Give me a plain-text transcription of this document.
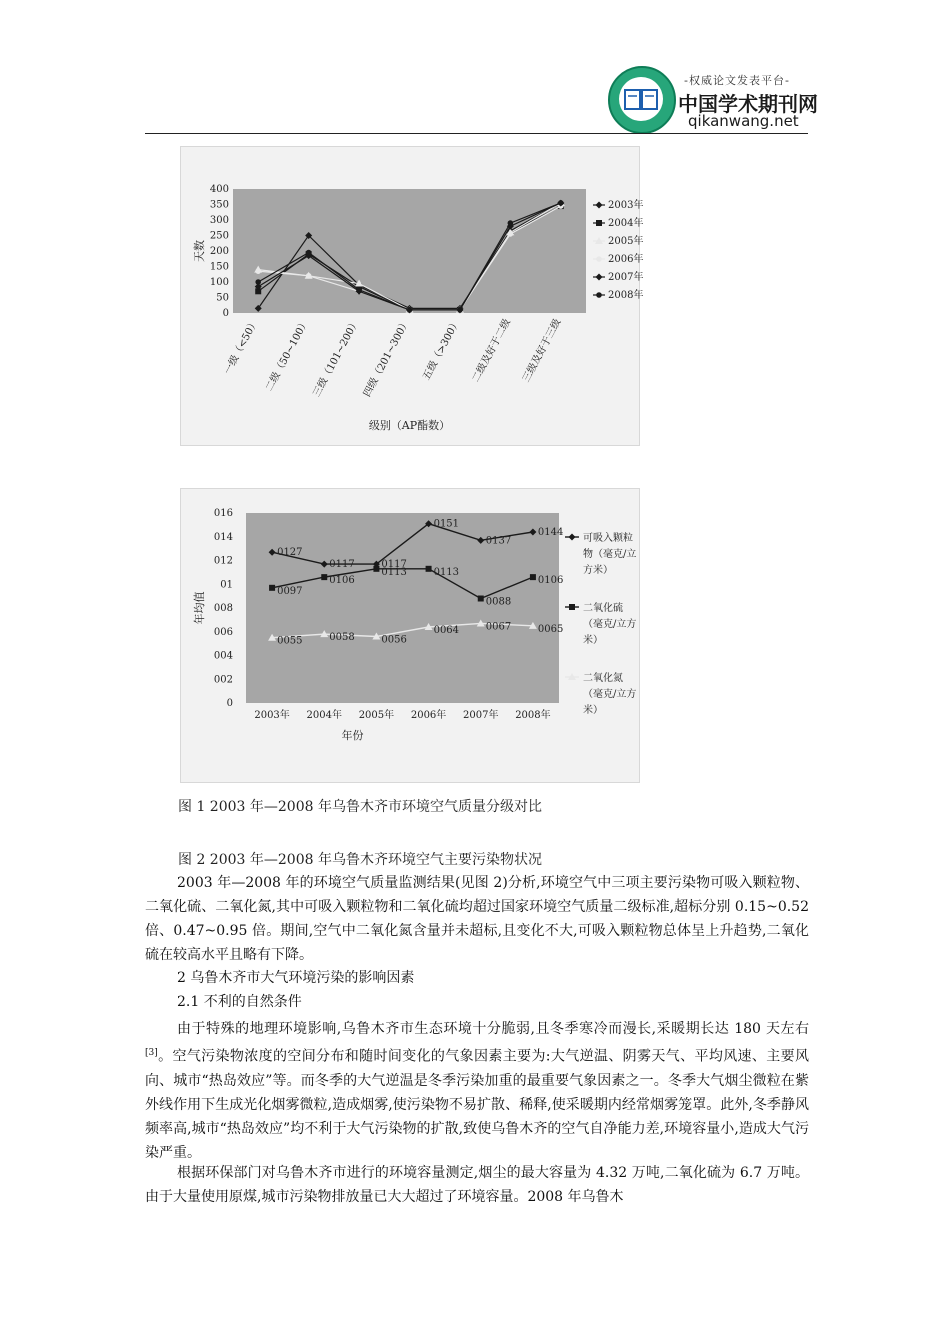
-权威论文发表平台-
中国学术期刊网
qikanwang.net
0
50
100
150
200
250
300
350
400
天数
一级（<50） 二级（50~100） 三级（101~200） 四级（201~300） 五级（>300） 二级及好于二级 三级及好于三级
级别（AP酯数）
2003年
2004年
2005年
2006年
2007年
2008年
0
002
004
006
008
01
012
014
016
年均值
2003年 2004年 2005年 2006年 2007年 2008年
年份
0127
0117	0117
0151
0137
0144
可吸入颗粒
物（毫克/立
方米）
0097
0106
0113	0113
0088
0106
二氧化硫
（毫克/立方
米）
0055	0058	0056
0064	0067	0065
二氧化氮
（毫克/立方
米）
图 1 2003 年—2008 年乌鲁木齐市环境空气质量分级对比
图 2 2003 年—2008 年乌鲁木齐环境空气主要污染物状况

2003 年—2008 年的环境空气质量监测结果(见图 2)分析,环境空气中三项主要污染物可吸入颗粒物、二氧化硫、二氧化氮,其中可吸入颗粒物和二氧化硫均超过国家环境空气质量二级标准,超标分别 0.15~0.52 倍、0.47~0.95 倍。期间,空气中二氧化氮含量并未超标,且变化不大,可吸入颗粒物总体呈上升趋势,二氧化硫在较高水平且略有下降。

2 乌鲁木齐市大气环境污染的影响因素
2.1 不利的自然条件

由于特殊的地理环境影响,乌鲁木齐市生态环境十分脆弱,且冬季寒冷而漫长,采暖期长达 180 天左右[3]。空气污染物浓度的空间分布和随时间变化的气象因素主要为:大气逆温、阴雾天气、平均风速、主要风向、城市“热岛效应”等。而冬季的大气逆温是冬季污染加重的最重要气象因素之一。冬季大气烟尘微粒在紫外线作用下生成光化烟雾微粒,造成烟雾,使污染物不易扩散、稀释,使采暖期内经常烟雾笼罩。此外,冬季静风频率高,城市“热岛效应”均不利于大气污染物的扩散,致使乌鲁木齐的空气自净能力差,环境容量小,造成大气污染严重。

根据环保部门对乌鲁木齐市进行的环境容量测定,烟尘的最大容量为 4.32 万吨,二氧化硫为 6.7 万吨。由于大量使用原煤,城市污染物排放量已大大超过了环境容量。2008 年乌鲁木
